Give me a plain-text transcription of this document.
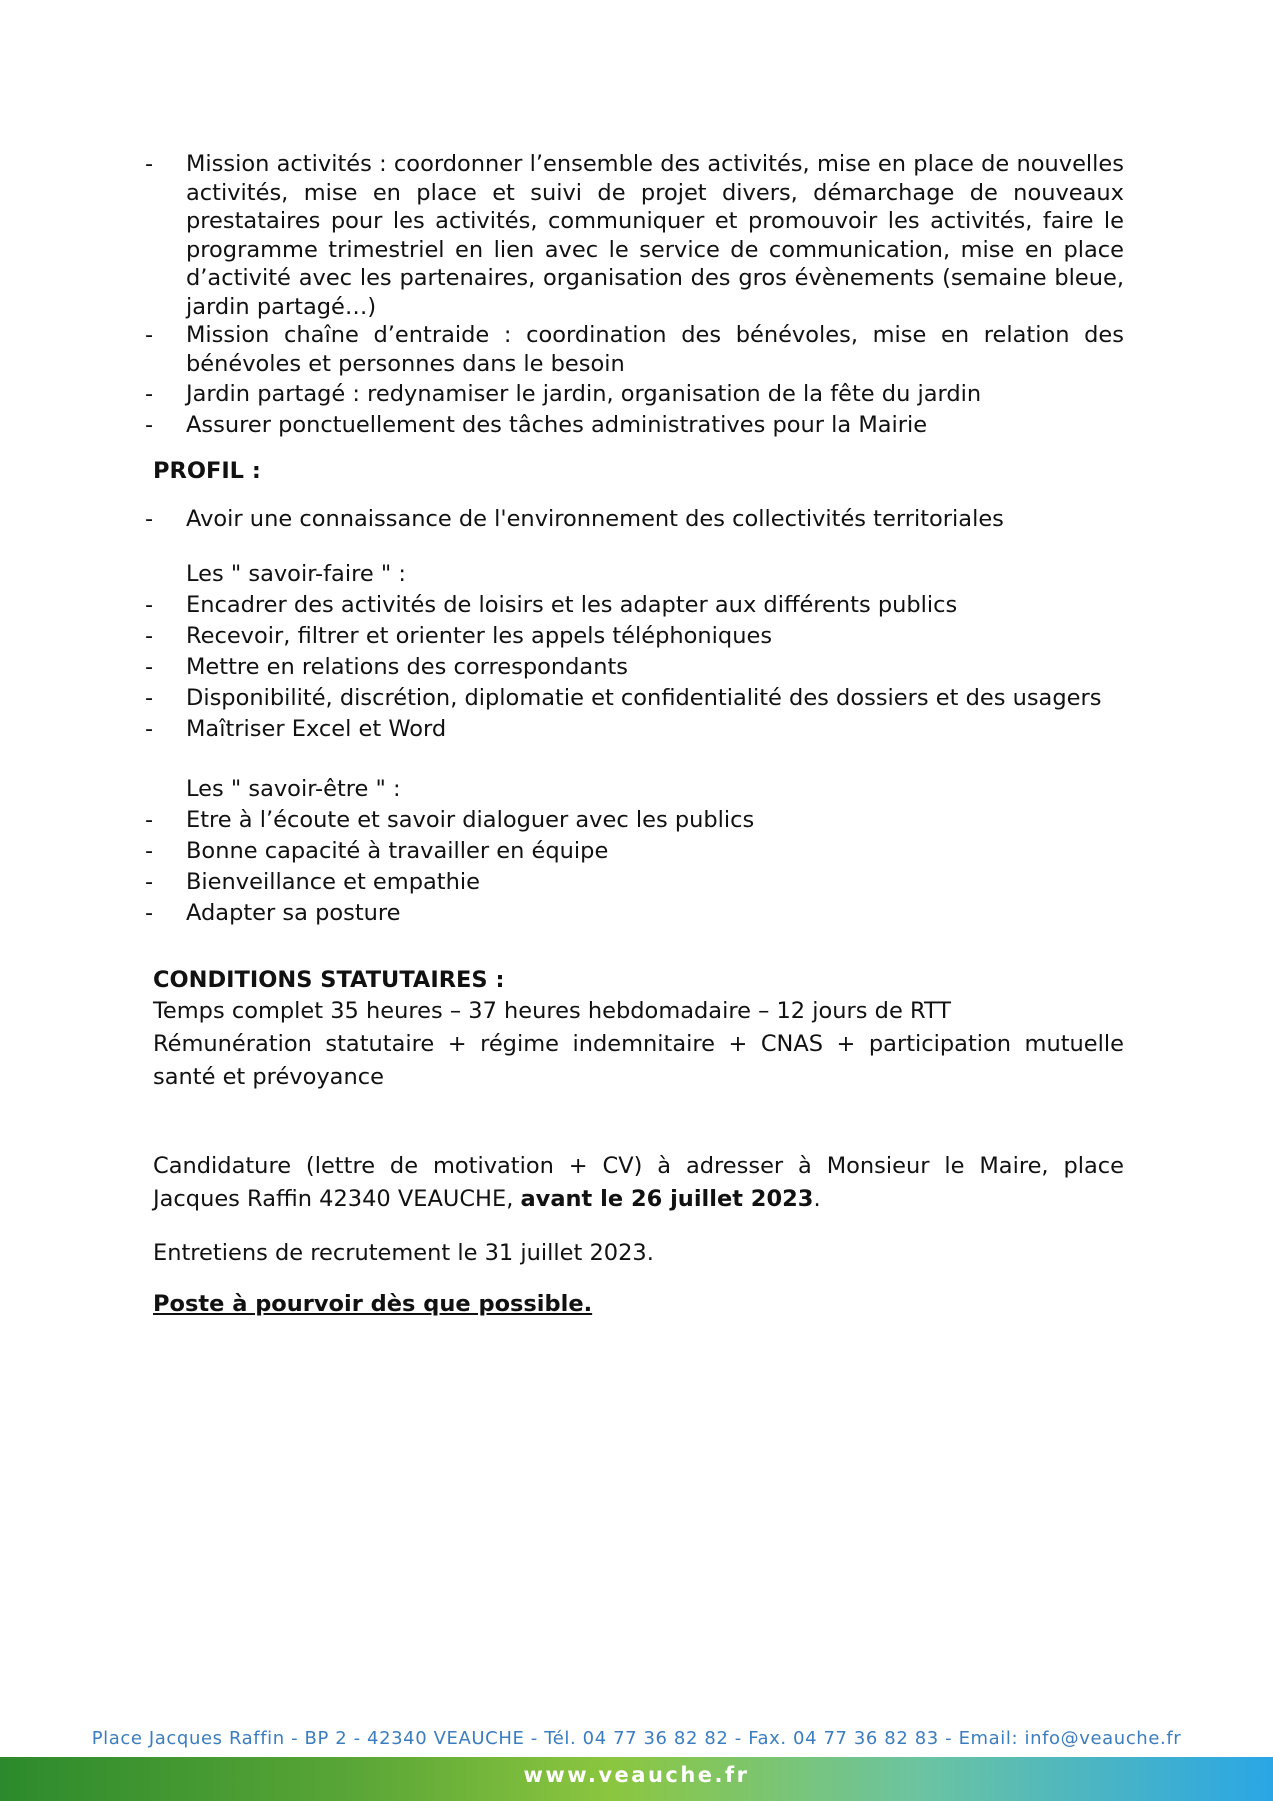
- Mission activités : coordonner l’ensemble des activités, mise en place de nouvelles activités, mise en place et suivi de projet divers, démarchage de nouveaux prestataires pour les activités, communiquer et promouvoir les activités, faire le programme trimestriel en lien avec le service de communication, mise en place d’activité avec les partenaires, organisation des gros évènements (semaine bleue, jardin partagé…)
- Mission chaîne d’entraide : coordination des bénévoles, mise en relation des bénévoles et personnes dans le besoin
- Jardin partagé : redynamiser le jardin, organisation de la fête du jardin
- Assurer ponctuellement des tâches administratives pour la Mairie

PROFIL :

- Avoir une connaissance de l'environnement des collectivités territoriales

Les " savoir-faire " :

- Encadrer des activités de loisirs et les adapter aux différents publics
- Recevoir, filtrer et orienter les appels téléphoniques
- Mettre en relations des correspondants
- Disponibilité, discrétion, diplomatie et confidentialité des dossiers et des usagers
- Maîtriser Excel et Word

Les " savoir-être " :

- Etre à l’écoute et savoir dialoguer avec les publics
- Bonne capacité à travailler en équipe
- Bienveillance et empathie
- Adapter sa posture

CONDITIONS STATUTAIRES :

Temps complet 35 heures – 37 heures hebdomadaire – 12 jours de RTT

Rémunération statutaire + régime indemnitaire + CNAS + participation mutuelle santé et prévoyance

Candidature (lettre de motivation + CV) à adresser à Monsieur le Maire, place Jacques Raffin 42340 VEAUCHE, avant le 26 juillet 2023.

Entretiens de recrutement le 31 juillet 2023.

Poste à pourvoir dès que possible.

Place Jacques Raffin - BP 2 - 42340 VEAUCHE - Tél. 04 77 36 82 82 - Fax. 04 77 36 82 83 - Email: info@veauche.fr
www.veauche.fr
